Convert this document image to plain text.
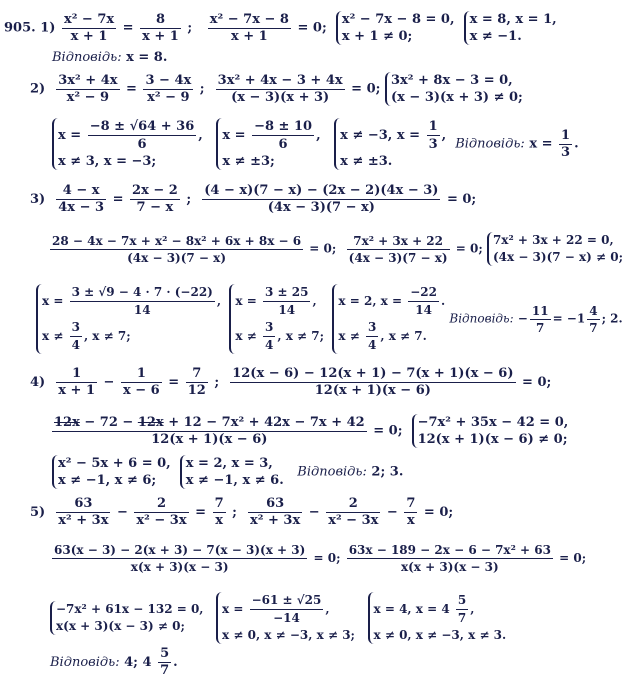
905. $1) \frac{\text{x² − 7x}}{x + 1} = \frac{8}{x + 1}$ ; $\frac{\text{x² − 7x − 8}}{x + 1} = 0$;  x² − 7x − 8 = 0,
x + 1 ≠ 0;  x = 8, x = 1,
x ≠ −1.
Відповідь: x = 8.
$2) \frac{\text{3x² + 4x}}{\text{x² − 9}} = \frac{3 - 4x}{\text{x² − 9}}$ ; $\frac{\text{3x² + 4x − 3 + 4x}}{(x - 3)(x + 3)} = 0$; 3x² + 8x − 3 = 0,
(x − 3)(x + 3) ≠ 0;
$x = \frac{-8 \pm √64 + 36}{6}$ ,
x ≠ 3, x = −3;   $x = \frac{-8 \pm 10}{6}$ ,
x ≠ ±3;   x ≠ −3, $x = \frac{1}{3}$ ,
x ≠ ±3.  Відповідь: $x = \frac{1}{3}$ .
$3) \frac{4 - x}{4x - 3} = \frac{2x - 2}{7 - x}$ ; $\frac{(4 - x)(7 - x) - (2x - 2)(4x - 3)}{(4x - 3)(7 - x)} = 0$;
$\frac{\text{28 − 4x − 7x + x² − 8x² + 6x + 8x − 6}}{(4x - 3)(7 - x)} = 0$; $\frac{\text{7x² + 3x + 22}}{(4x - 3)(7 - x)} = 0$; 7x² + 3x + 22 = 0,
(4x − 3)(7 − x) ≠ 0;
$x = \frac{3 \pm √9 - 4 \cdot 7 \cdot (-22)}{14}$ ,
$x \ne \frac{3}{4}$ , x ≠ 7;  $x = \frac{3 \pm 25}{14}$ ,
$x \ne \frac{3}{4}$ , x ≠ 7;  x = 2, $x = \frac{-22}{14}$ .
$x \ne \frac{3}{4}$ , x ≠ 7. Відповідь: − $\frac{11}{7} = -1 \frac{4}{7}$ ; 2.
$4) \frac{1}{x + 1} - \frac{1}{x - 6} = \frac{7}{12}$ ; $\frac{12(x - 6) - 12(x + 1) - 7(x + 1)(x - 6)}{12(x + 1)(x - 6)} = 0$;
$\frac{\text{12x − 72 − 12x + 12 − 7x² + 42x − 7x + 42}}{12(x + 1)(x - 6)} = 0$;  −7x² + 35x − 42 = 0,
12(x + 1)(x − 6) ≠ 0;
x² − 5x + 6 = 0,
x ≠ −1, x ≠ 6;  x = 2, x = 3,
x ≠ −1, x ≠ 6.   Відповідь: 2; 3.
$5) \frac{63}{\text{x² + 3x}} - \frac{2}{\text{x² − 3x}} = \frac{7}{x}$ ; $\frac{63}{\text{x² + 3x}} - \frac{2}{\text{x² − 3x}} - \frac{7}{x} = 0$;
$\frac{63(x - 3) - 2(x + 3) - 7(x - 3)(x + 3)}{x(x + 3)(x - 3)} = 0$; $\frac{\text{63x − 189 − 2x − 6 − 7x² + 63}}{x(x + 3)(x - 3)} = 0$;
−7x² + 61x − 132 = 0,
x(x + 3)(x − 3) ≠ 0;   $x = \frac{-61 \pm √25}{-14}$ ,
x ≠ 0, x ≠ −3, x ≠ 3;   x = 4, $x = 4 \frac{5}{7}$ ,
x ≠ 0, x ≠ −3, x ≠ 3.
Відповідь: 4; $4 \frac{5}{7}$ .
